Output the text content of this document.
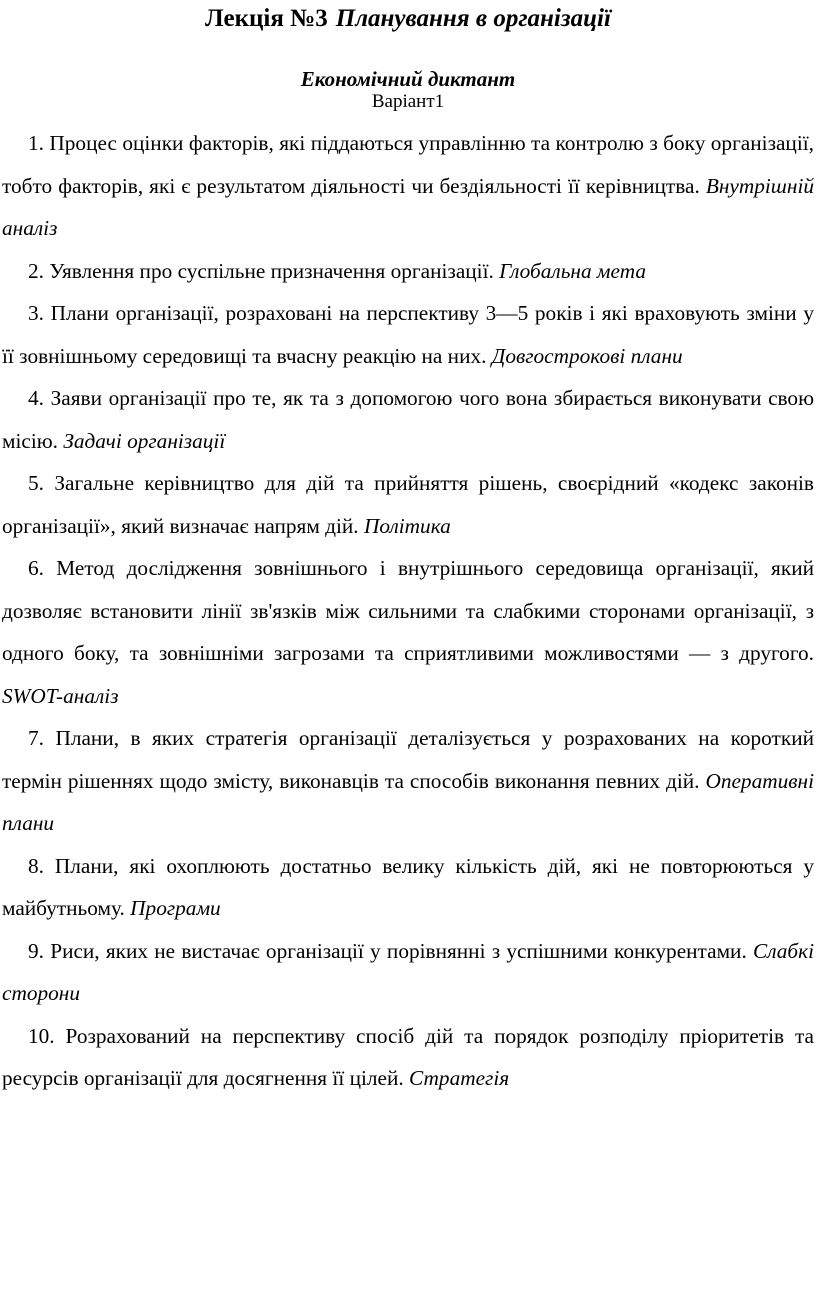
Лекція №3 Планування в організації
Економічний диктант
Варіант1

1. Процес оцінки факторів, які піддаються управлінню та контролю з боку організації, тобто факторів, які є результатом діяльності чи бездіяльності її керівництва. Внутрішній аналіз

2. Уявлення про суспільне призначення організації. Глобальна мета

3. Плани організації, розраховані на перспективу 3—5 років і які враховують зміни у її зовнішньому середовищі та вчасну реакцію на них. Довгострокові плани

4. Заяви організації про те, як та з допомогою чого вона збирається виконувати свою місію. Задачі організації

5. Загальне керівництво для дій та прийняття рішень, своєрідний «кодекс законів організації», який визначає напрям дій. Політика

6. Метод дослідження зовнішнього і внутрішнього середовища організації, який дозволяє встановити лінії зв'язків між сильними та слабкими сторонами організації, з одного боку, та зовнішніми загрозами та сприятливими можливостями — з другого. SWOT-аналіз

7. Плани, в яких стратегія організації деталізується у розрахованих на короткий термін рішеннях щодо змісту, виконавців та способів виконання певних дій. Оперативні плани

8. Плани, які охоплюють достатньо велику кількість дій, які не повторюються у майбутньому. Програми

9. Риси, яких не вистачає організації у порівнянні з успішними конкурентами. Слабкі сторони

10. Розрахований на перспективу спосіб дій та порядок розподілу пріоритетів та ресурсів організації для досягнення її цілей. Стратегія
